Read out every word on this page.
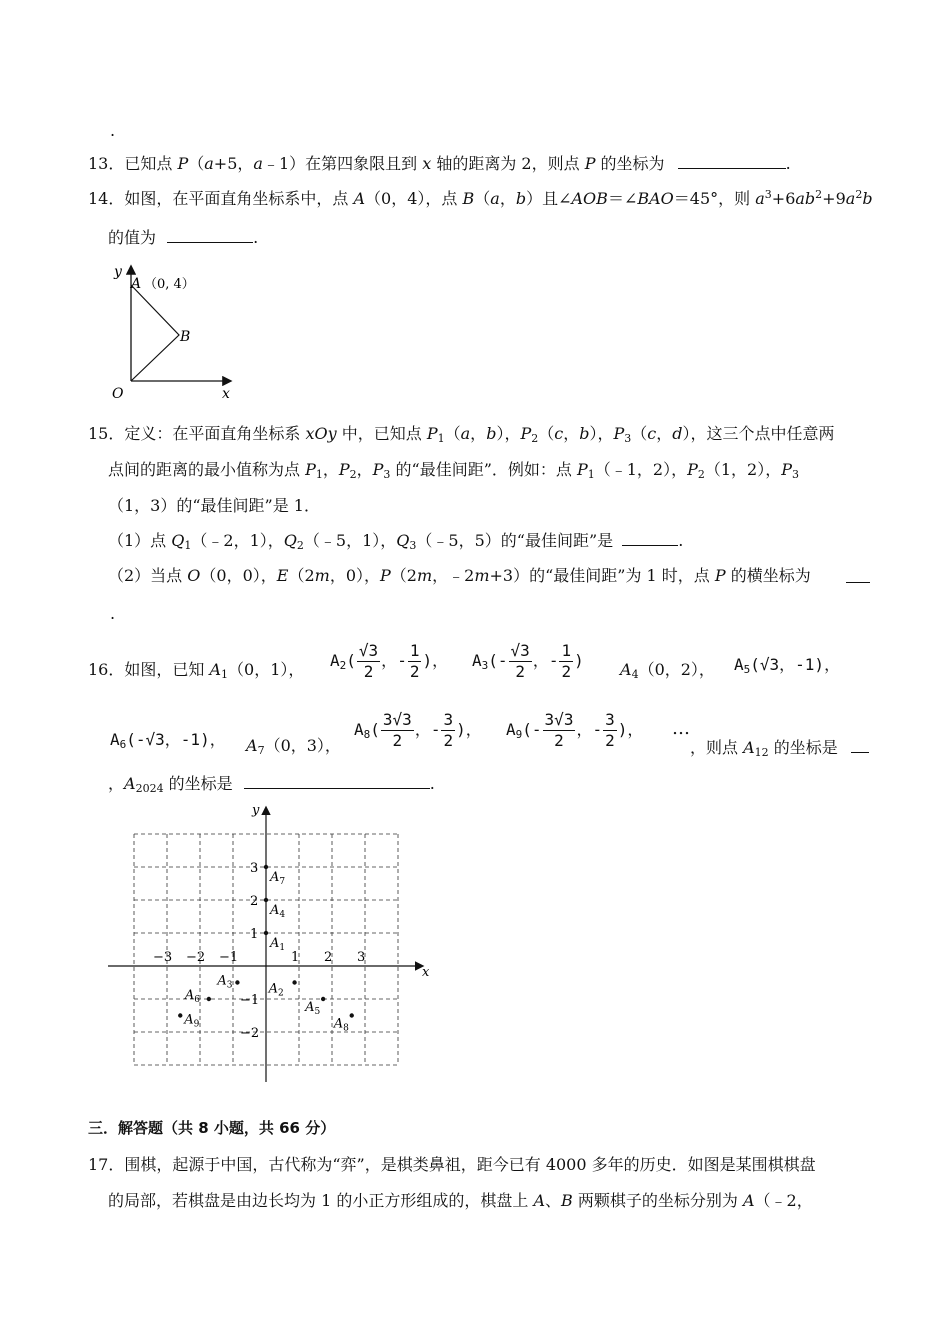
.
13．已知点 P（a+5，a﹣1）在第四象限且到 x 轴的距离为 2，则点 P 的坐标为	.
14．如图，在平面直角坐标系中，点 A（0，4），点 B（a，b）且∠AOB＝∠BAO＝45°，则 $a^3+6ab^2+9a^2b$
的值为	.
y
x
O
A （0, 4）
B
15．定义：在平面直角坐标系 xOy 中，已知点 $P_1(a$，b），$P_2(c$，b），$P_3(c$，d），这三个点中任意两
点间的距离的最小值称为点 $P_1$，$P_2$，$P_3$ 的“最佳间距”．例如：点 $P_1(﹣1$，2），$P_2(1$，2），$P_3$
（1，3）的“最佳间距”是 1．
（1）点 $Q_1(﹣2$，1），$Q_2(﹣5$，1），$Q_3(﹣5$，5）的“最佳间距”是	.
（2）当点 O（0，0），E（2m，0），P（2m，﹣2m+3）的“最佳间距”为 1 时，点 P 的横坐标为
.
16．如图，已知 $A_1(0$，1）， $A_2( \frac{√3}{2}$ ，- $\frac{1}{2}$ )， $A_3(- \frac{√3}{2}$ ，- $\frac{1}{2}$ ) $A_4(0$，2）， $A_5(√3$，-1)，
$A_6(-√3$，-1)， $A_7(0$，3），
$A_8( \frac{3√3}{2}$ ，- $\frac{3}{2}$ )， $A_9(- \frac{3√3}{2}$ ，- $\frac{3}{2}$ )， …
，则点 $A_{12}$ 的坐标是
，$A_{2024}$ 的坐标是	.
y
x
−3 −2 −1	1 2 3
3
2
1
−1
−2
$A_7$
$A_4$
$A_1$
$A_3$	$A_2$
$A_6$	$A_5$
$A_9$	$A_8$
三．解答题（共 8 小题，共 66 分）
17．围棋，起源于中国，古代称为“弈”，是棋类鼻祖，距今已有 4000 多年的历史．如图是某围棋棋盘
的局部，若棋盘是由边长均为 1 的小正方形组成的，棋盘上 A、B 两颗棋子的坐标分别为 A（﹣2，
